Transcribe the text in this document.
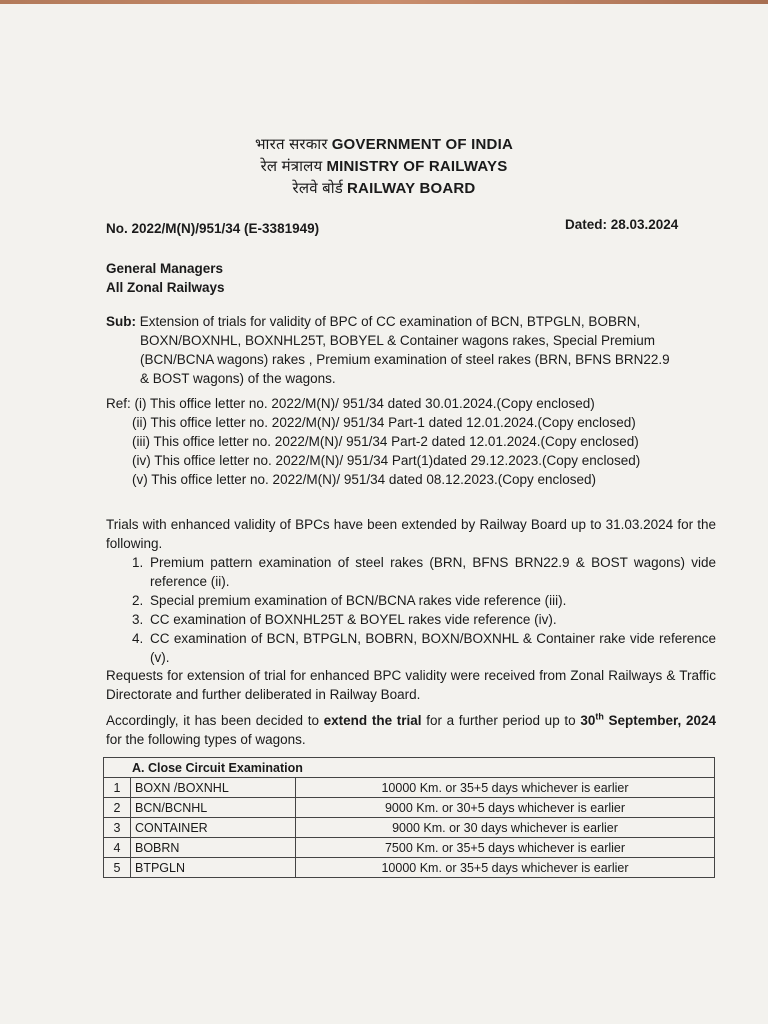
भारत सरकार GOVERNMENT OF INDIA
रेल मंत्रालय MINISTRY OF RAILWAYS
रेलवे बोर्ड RAILWAY BOARD
No. 2022/M(N)/951/34 (E-3381949)	Dated: 28.03.2024
General Managers
All Zonal Railways
Sub: Extension of trials for validity of BPC of CC examination of BCN, BTPGLN, BOBRN,
BOXN/BOXNHL, BOXNHL25T, BOBYEL & Container wagons rakes, Special Premium
(BCN/BCNA wagons) rakes , Premium examination of steel rakes (BRN, BFNS BRN22.9
& BOST wagons) of the wagons.
Ref: (i) This office letter no. 2022/M(N)/ 951/34 dated 30.01.2024.(Copy enclosed)
(ii) This office letter no. 2022/M(N)/ 951/34 Part-1 dated 12.01.2024.(Copy enclosed)
(iii) This office letter no. 2022/M(N)/ 951/34 Part-2 dated 12.01.2024.(Copy enclosed)
(iv) This office letter no. 2022/M(N)/ 951/34 Part(1)dated 29.12.2023.(Copy enclosed)
(v) This office letter no. 2022/M(N)/ 951/34 dated 08.12.2023.(Copy enclosed)
Trials with enhanced validity of BPCs have been extended by Railway Board up to 31.03.2024 for the following.
1. Premium pattern examination of steel rakes (BRN, BFNS BRN22.9 & BOST wagons) vide reference (ii).
2. Special premium examination of BCN/BCNA rakes vide reference (iii).
3. CC examination of BOXNHL25T & BOYEL rakes vide reference (iv).
4. CC examination of BCN, BTPGLN, BOBRN, BOXN/BOXNHL & Container rake vide reference (v).
Requests for extension of trial for enhanced BPC validity were received from Zonal Railways & Traffic Directorate and further deliberated in Railway Board.
Accordingly, it has been decided to extend the trial for a further period up to 30th September, 2024 for the following types of wagons.
A. Close Circuit Examination		
1	BOXN /BOXNHL	10000 Km. or 35+5 days whichever is earlier
2	BCN/BCNHL	9000 Km. or 30+5 days whichever is earlier
3	CONTAINER	9000 Km. or 30 days whichever is earlier
4	BOBRN	7500 Km. or 35+5 days whichever is earlier
5	BTPGLN	10000 Km. or 35+5 days whichever is earlier
